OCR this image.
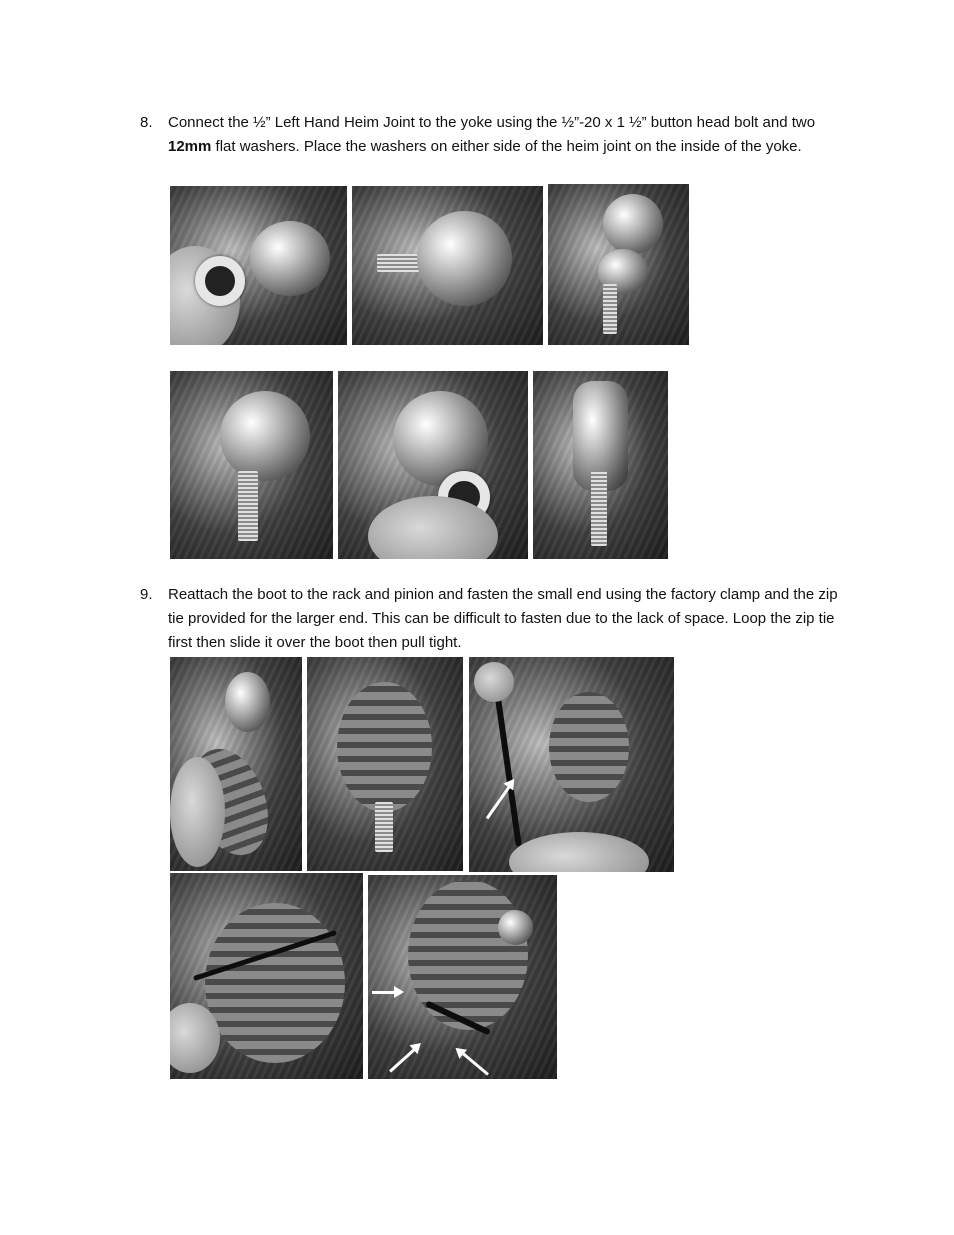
8. Connect the ½” Left Hand Heim Joint to the yoke using the ½”-20 x 1 ½” button head bolt and two 12mm flat washers. Place the washers on either side of the heim joint on the inside of the yoke.
9. Reattach the boot to the rack and pinion and fasten the small end using the factory clamp and the zip tie provided for the larger end. This can be difficult to fasten due to the lack of space. Loop the zip tie first then slide it over the boot then pull tight.
